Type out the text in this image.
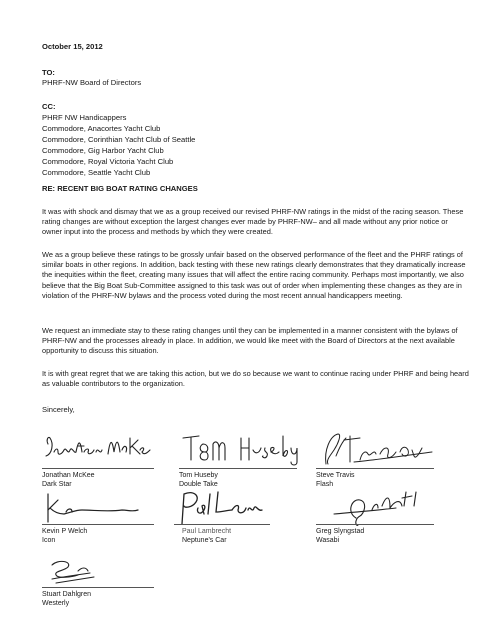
October 15, 2012
TO:
PHRF-NW Board of Directors
CC:
PHRF NW Handicappers
Commodore, Anacortes Yacht Club
Commodore, Corinthian Yacht Club of Seattle
Commodore, Gig Harbor Yacht Club
Commodore, Royal Victoria Yacht Club
Commodore, Seattle Yacht Club
RE: RECENT BIG BOAT RATING CHANGES
It was with shock and dismay that we as a group received our revised PHRF-NW ratings in the midst of the racing season. These rating changes are without exception the largest changes ever made by PHRF-NW– and all made without any prior notice or owner input into the process and methods by which they were created.
We as a group believe these ratings to be grossly unfair based on the observed performance of the fleet and the PHRF ratings of similar boats in other regions. In addition, back testing with these new ratings clearly demonstrates that they dramatically increase the inequities within the fleet, creating many issues that will affect the entire racing community. Perhaps most importantly, we also believe that the Big Boat Sub-Committee assigned to this task was out of order when implementing these changes as they are in violation of the PHRF-NW bylaws and the process voted during the most recent annual handicappers meeting.
We request an immediate stay to these rating changes until they can be implemented in a manner consistent with the bylaws of PHRF-NW and the processes already in place. In addition, we would like meet with the Board of Directors at the next available opportunity to discuss this situation.
It is with great regret that we are taking this action, but we do so because we want to continue racing under PHRF and being heard as valuable contributors to the organization.
Sincerely,
Jonathan McKee
Dark Star
Tom Huseby
Double Take
Steve Travis
Flash
Kevin P Welch
Icon
Paul Lambrecht
Neptune's Car
Greg Slyngstad
Wasabi
Stuart Dahlgren
Westerly
